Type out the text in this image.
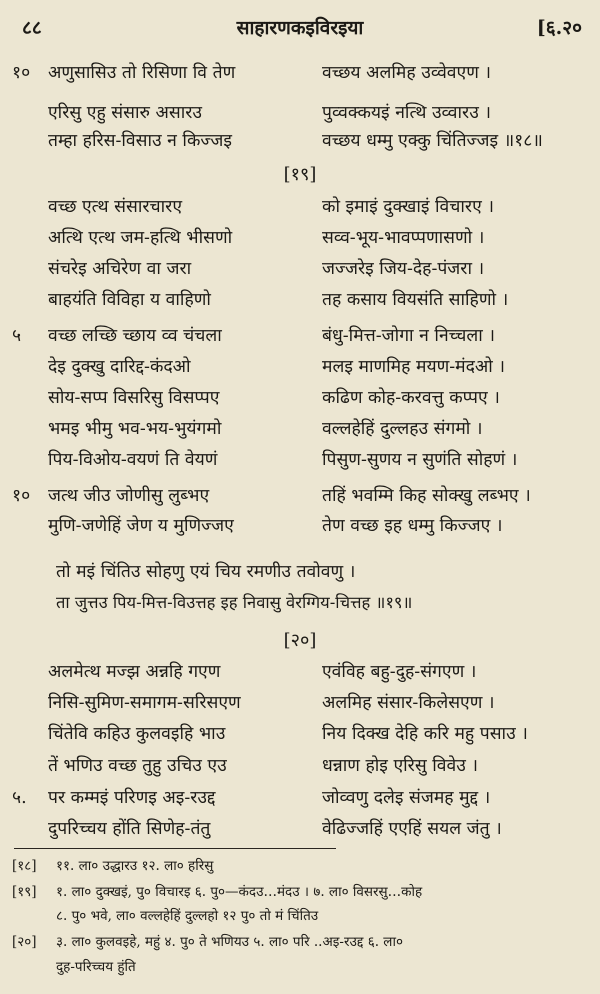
८८	साहारणकइविरइया	[६.२०
१० अणुसासिउ तो रिसिणा वि तेण	वच्छय अलमिह उव्वेवएण ।
एरिसु एहु संसारु असारउ	पुव्वक्कयइं नत्थि उव्वारउ ।
तम्हा हरिस-विसाउ न किज्जइ	वच्छय धम्मु एक्कु चिंतिज्जइ ॥१८॥
[१९]
वच्छ एत्थ संसारचारए	को इमाइं दुक्खाइं विचारए ।
अत्थि एत्थ जम-हत्थि भीसणो	सव्व-भूय-भावप्पणासणो ।
संचरेइ अचिरेण वा जरा	जज्जरेइ जिय-देह-पंजरा ।
बाहयंति विविहा य वाहिणो	तह कसाय वियसंति साहिणो ।
५ वच्छ लच्छि च्छाय व्व चंचला	बंधु-मित्त-जोगा न निच्चला ।
देइ दुक्खु दारिद्द-कंदओ	मलइ माणमिह मयण-मंदओ ।
सोय-सप्प विसरिसु विसप्पए	कढिण कोह-करवत्तु कप्पए ।
भमइ भीमु भव-भय-भुयंगमो	वल्लहेहिं दुल्लहउ संगमो ।
पिय-विओय-वयणं ति वेयणं	पिसुण-सुणय न सुणंति सोहणं ।
१० जत्थ जीउ जोणीसु लुब्भए	तहिं भवम्मि किह सोक्खु लब्भए ।
मुणि-जणेहिं जेण य मुणिज्जए	तेण वच्छ इह धम्मु किज्जए ।
तो मइं चिंतिउ सोहणु एयं चिय रमणीउ तवोवणु ।
ता जुत्तउ पिय-मित्त-विउत्तह इह निवासु वेरग्गिय-चित्तह ॥१९॥
[२०]
अलमेत्थ मज्झ अन्नहि गएण	एवंविह बहु-दुह-संगएण ।
निसि-सुमिण-समागम-सरिसएण	अलमिह संसार-किलेसएण ।
चिंतेवि कहिउ कुलवइहि भाउ	निय दिक्ख देहि करि महु पसाउ ।
तें भणिउ वच्छ तुहु उचिउ एउ	धन्नाण होइ एरिसु विवेउ ।
५. पर कम्मइं परिणइ अइ-रउद्द	जोव्वणु दलेइ संजमह मुद्द ।
दुपरिच्चय होंति सिणेह-तंतु	वेढिज्जहिं एएहिं सयल जंतु ।
[१८] ११. ला० उद्धारउ १२. ला० हरिसु
[१९] १. ला० दुक्खइं, पु० विचारइ ६. पु०—कंदउ…मंदउ । ७. ला० विसरसु…कोह
८. पु० भवे, ला० वल्लहेहिं दुल्लहो १२ पु० तो मं चिंतिउ
[२०] ३. ला० कुलवइहे, महुं ४. पु० ते भणियउ ५. ला० परि ..अइ-रउद्द ६. ला०
दुह-परिच्चय हुंति
